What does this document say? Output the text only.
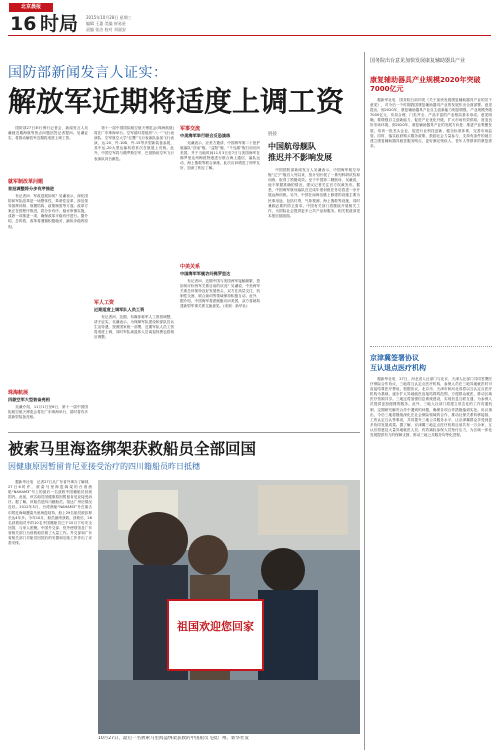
北京晨报
16 时局 2015年10月28日 星期三
编辑 王惠 美编 崔易星
责编 张洁 校对 刘丽安
国防部新闻发言人证实：
解放军近期将适度上调工资

国防部27日举行例行记者会，新闻发言人吴谦就近期海航等热点问题回答记者提问。吴谦证实，将推动解放军近期将适度上调工资。

就军制改革问题
首批调整将分步有序推进

有记者问：军改进展如何？吴谦表示，深化国防和军队改革是一场整体性、革命性变革，涉及领导指挥体制、规模结构、政策制度等方面。改革方案正在按程序推进，将分步有序、稳妥审慎实施，成熟一项推进一项，确保改革平稳有序进行。据介绍，总的看，改革将遵循积极稳妥、蹄疾步稳的原则。

珠海航展
四款空军大型装备亮相

吴谦介绍，11月1日至6日，第十一届中国国际航空航天博览会将在广东珠海举行，届时将有多款新型装备亮相。

第十一届中国国际航空航天博览会(珠海航展)将在广东珠海举行。空军届时将组织“八一”飞行表演队、空军航空大学“红鹰”飞行表演队参加飞行表演，运-20、歼-10B、歼-15等多型新装备参展，其中运-20大型运输机将首次在航展上亮相。此外，中国空军将与俄罗斯空军、巴基斯坦空军飞行表演队同台献技。

军人工资
近期适度上调军队人员工资

有记者问，近期，有媒体称军人工资将调整，请予证实。吴谦表示，为保障军队建设和部队官兵生活待遇，按照国家统一部署，近期军队人员工资将适度上调，同时军队离退休人员离退休费也将相应调整。

军事交流
中美海军举行联合反恐演练

吴谦表示，应美方邀请，中国海军第二十批护航编队“济南”舰、“益阳”舰、“千岛湖”舰日前访问美国，并于当地时间11月3日至7日与美国海军在佛罗里达州梅波特港进行联合海上通信、编队运动、海上搜救等联合演练。此次访问增进了两军友好，加深了相互了解。

中美关系
中国海军军舰访问佛罗里达

有记者问，近期中国与美国两军接触频繁，您如何评价两军关系目前的状况？吴谦说，中美两军关系总体保持良好发展势头，双方在高层交往、机制性交流、联合演训等领域保持积极互动。此外，据介绍，中国海军将派舰艇访问美国，双方将就构建新型军事关系交换意见。(来源：新华社)

链接
中国航母舰队
推迟并不影响发展

中国国防部新闻发言人吴谦表示，中国海军航空母舰“辽宁”舰自入列以来，按计划开展了一系列科研试验和训练，取得了预期成效。至于中国第二艘航母，吴谦说，他不掌握准确的情况，建议记者关注官方权威发布。据悉，中国海军航母编队在完成年度训练任务后将进一步开展远海训练。另外，中国在南海岛礁上修建的设施主要为民事用途，包括灯塔、气象观测、海上搜救等设施，同时兼顾必要的防卫需求。中国有关部门将继续开展相关工作，为国际社会提供更多公共产品和服务。相关报道请见本报后续版面。

国务院出台意见加快发展康复辅助器具产业
康复辅助器具产业规模2020年突破7000亿元

据新华社电　国务院日前印发《关于加快发展康复辅助器具产业的若干意见》，对今后一个时期我国康复辅助器具产业的发展作出全面部署。意见提出，到2020年，康复辅助器具产业自主创新能力明显增强，产业规模突破7000亿元，布局合理、门类齐全、产品丰富的产业格局基本形成。意见明确，要增强自主创新能力，促进产业优化升级，扩大市场有效供给，营造良好市场环境。到2020年，康复辅助器具产业的发展方向是：推进产业集聚发展，培育一批龙头企业，促进行业科技创新，健全标准体系，完善市场监管。同时，落实政府购买服务政策，鼓励社会力量参与，支持有条件的地方建立康复辅助器具租赁服务网点，更好满足残疾人、老年人等群体的康复需求。

京津冀签署协议
互认退点医疗机构

据新华社电　27日，河北省人社部门与北京、天津人社部门共同签署医疗保险合作协议，三地将互认定点医疗机构，参保人员在三地异地就医时可直接结算医疗费用。根据协议，北京市、天津市和河北省将以互认定点医疗机构为基础，逐步扩大异地就医直接结算的范围，方便群众就医，推动区域医疗资源共享。三地还将加强信息系统建设，实现信息互联互通，为参保人员提供更加便捷的服务。此外，三地人社部门将建立常态化的工作沟通机制，定期研究解决合作中遇到的问题，确保各项合作措施落到实处。协议指出，今后三地将继续深化在社会保险领域的合作，推动社保关系转移接续、工伤认定互认等事项，共同提升三地公共服务水平，让京津冀群众享受到更多协同发展成果。据了解，京津冀三地定点医疗机构目前共有一万余家，互认后将惠及大量异地就医人员，有效减轻参保人员垫付压力，为区域一体化发展提供有力的保障支撑，推动三地公共服务均等化进程。

被索马里海盗绑架获救船员全部回国
因健康原因暂留肯尼亚接受治疗的四川籍船员昨日抵穗

据新华社电　记者27日从广东省外事办了解到，27日6时许，被索马里海盗绑架的台湾渔船“NAHAM3”号上的最后一名获救中国籍船员回到国内。此前，该名船员因健康原因暂留肯尼亚接受治疗。据了解，该船员是四川籍船员，抵达广州后情况良好。2012年3月，台湾渔船“NAHAM3”号在塞舌尔附近海域遭索马里海盗劫持，船上29名船员被扣押长达4年多。今年10月，船员最终获救。获救后，26名获救船员中的10名中国籍船员已于10月下旬安全回国，与家人团聚。中国外交部、驻外使领馆及广东省相关部门为营救船员做了大量工作。外交部和广东省相关部门对船员回国后的安置和后续工作作出了妥善安排。

祖国欢迎您回家
10月27日，最后一名被索马里海盗绑架获救的中国船员飞抵广州。新华社发
